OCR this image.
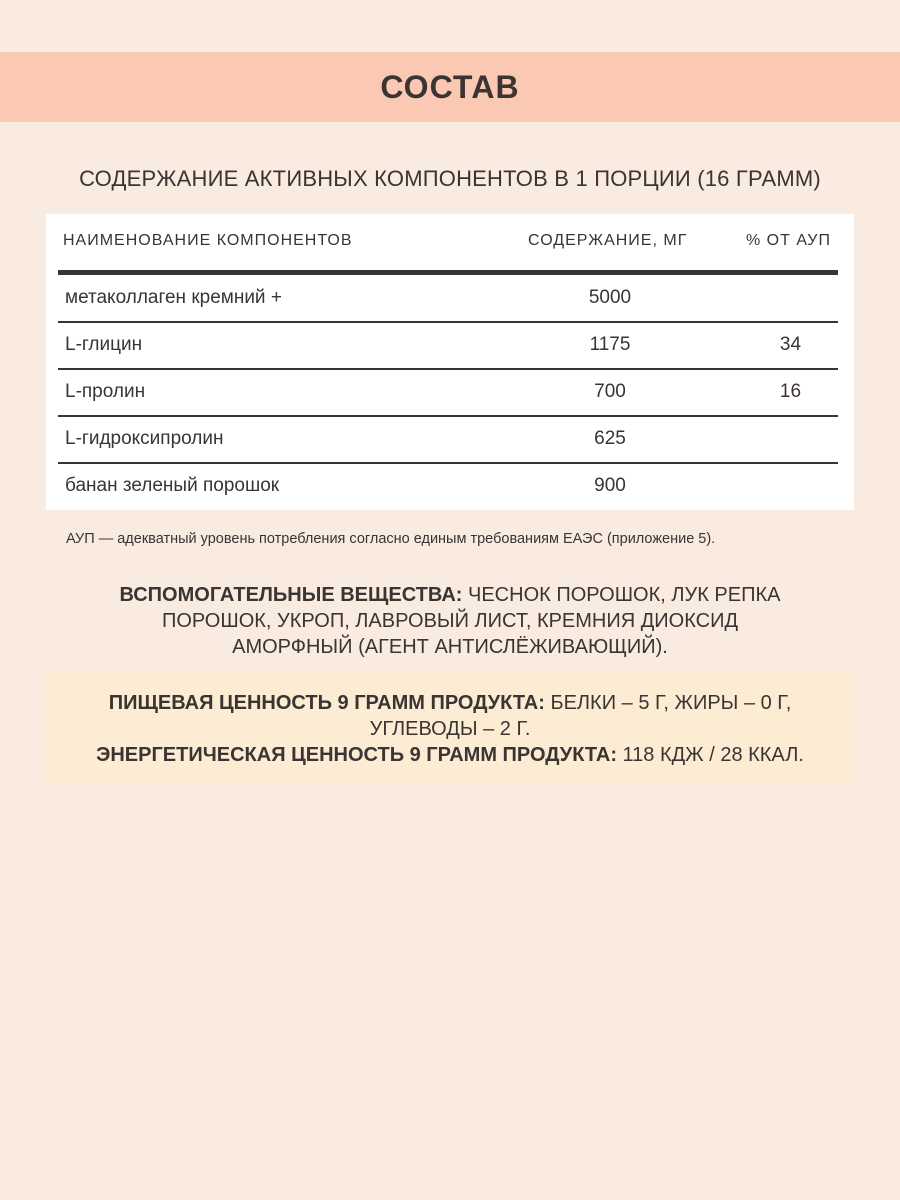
СОСТАВ
СОДЕРЖАНИЕ АКТИВНЫХ КОМПОНЕНТОВ В 1 ПОРЦИИ (16 ГРАММ)
НАИМЕНОВАНИЕ КОМПОНЕНТОВ	СОДЕРЖАНИЕ, МГ	% ОТ АУП
метаколлаген кремний +	5000
L-глицин	1175	34
L-пролин	700	16
L-гидроксипролин	625
банан зеленый порошок	900
АУП — адекватный уровень потребления согласно единым требованиям ЕАЭС (приложение 5).
ВСПОМОГАТЕЛЬНЫЕ ВЕЩЕСТВА: ЧЕСНОК ПОРОШОК, ЛУК РЕПКА ПОРОШОК, УКРОП, ЛАВРОВЫЙ ЛИСТ, КРЕМНИЯ ДИОКСИД АМОРФНЫЙ (АГЕНТ АНТИСЛЁЖИВАЮЩИЙ).
ПИЩЕВАЯ ЦЕННОСТЬ 9 ГРАММ ПРОДУКТА: БЕЛКИ – 5 Г, ЖИРЫ – 0 Г, УГЛЕВОДЫ – 2 Г.
ЭНЕРГЕТИЧЕСКАЯ ЦЕННОСТЬ 9 ГРАММ ПРОДУКТА: 118 КДЖ / 28 ККАЛ.
